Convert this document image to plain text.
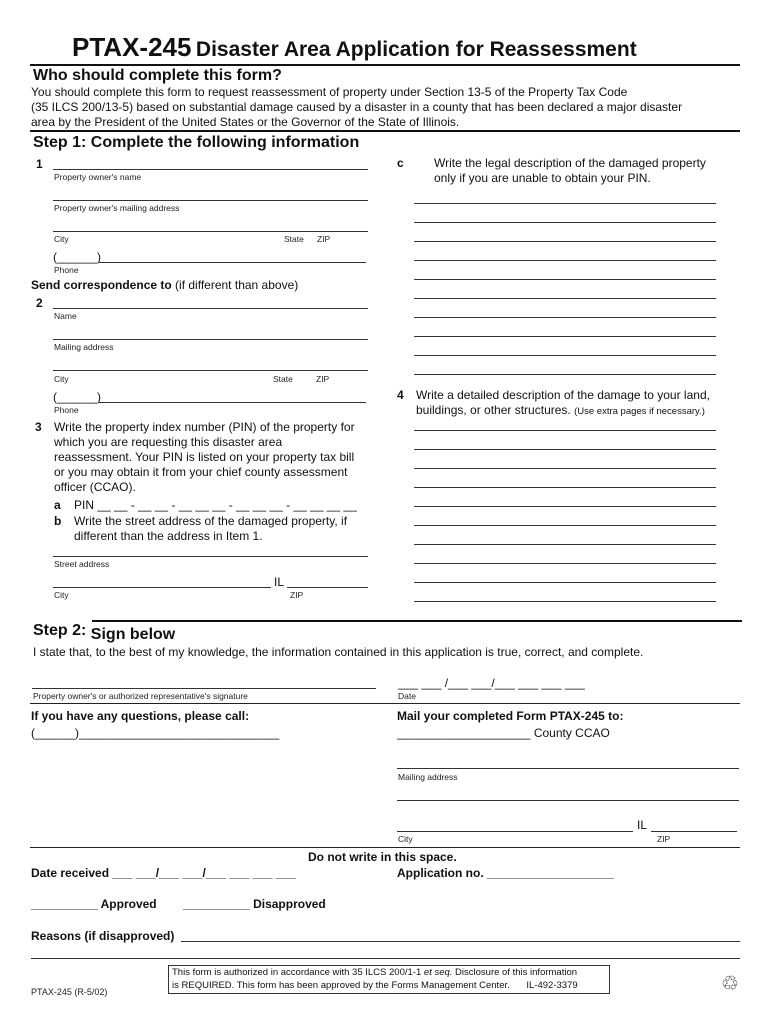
PTAX-245 Disaster Area Application for Reassessment
Who should complete this form?
You should complete this form to request reassessment of property under Section 13-5 of the Property Tax Code
(35 ILCS 200/13-5) based on substantial damage caused by a disaster in a county that has been declared a major disaster
area by the President of the United States or the Governor of the State of Illinois.
Step 1: Complete the following information
1
Property owner's name
Property owner's mailing address
City	State ZIP
(______)
Phone
Send correspondence to (if different than above)
2
Name
Mailing address
City	State	ZIP
(______)
Phone
3 Write the property index number (PIN) of the property for
which you are requesting this disaster area
reassessment. Your PIN is listed on your property tax bill
or you may obtain it from your chief county assessment
officer (CCAO).
a PIN __ __ - __ __ - __ __ __ - __ __ __ - __ __ __ __
b Write the street address of the damaged property, if
different than the address in Item 1.
Street address
IL
City	ZIP
c	Write the legal description of the damaged property
only if you are unable to obtain your PIN.
4 Write a detailed description of the damage to your land,
buildings, or other structures. (Use extra pages if necessary.)
Step 2: Sign below
I state that, to the best of my knowledge, the information contained in this application is true, correct, and complete.
___ ___ /___ ___/___ ___ ___ ___
Property owner's or authorized representative's signature	Date
If you have any questions, please call:
(______)______________________________
Mail your completed Form PTAX-245 to:
____________________ County CCAO
Mailing address
IL
City	ZIP
Do not write in this space.
Date received ___ ___/___ ___/___ ___ ___ ___	Application no. ___________________
__________ Approved __________ Disapproved
Reasons (if disapproved)
PTAX-245 (R-5/02)
This form is authorized in accordance with 35 ILCS 200/1-1 et seq. Disclosure of this information
is REQUIRED. This form has been approved by the Forms Management Center. IL-492-3379	♲
